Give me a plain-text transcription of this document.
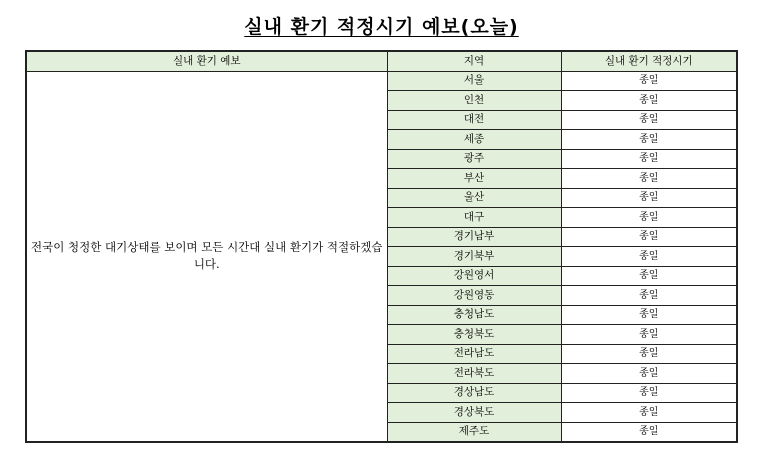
실내 환기 적정시기 예보(오늘)
실내 환기 예보	지역	실내 환기 적정시기
전국이 청정한 대기상태를 보이며 모든 시간대 실내 환기가 적절하겠습니다.	서울	종일
	인천	종일
	대전	종일
	세종	종일
	광주	종일
	부산	종일
	울산	종일
	대구	종일
	경기남부	종일
	경기북부	종일
	강원영서	종일
	강원영동	종일
	충청남도	종일
	충청북도	종일
	전라남도	종일
	전라북도	종일
	경상남도	종일
	경상북도	종일
	제주도	종일
